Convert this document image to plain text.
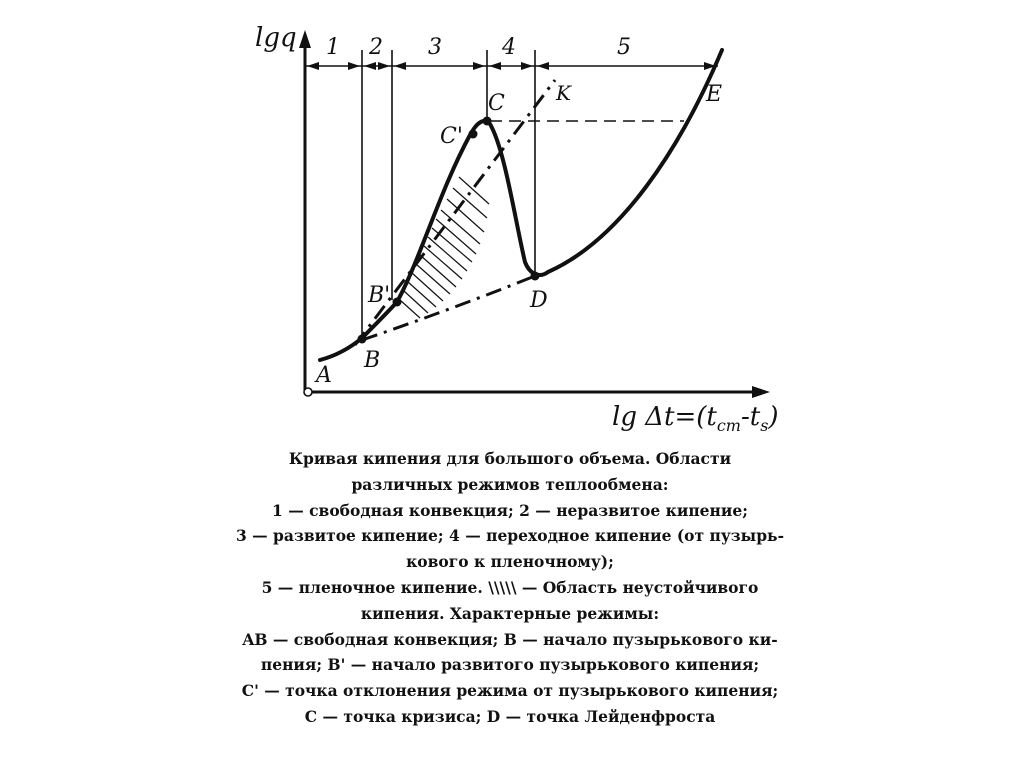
lgq
$\lg \Delta t=(t_{ст}-t_s)$
1 2 3	4	5
A
B
B'
C'
C
D
E
K
Кривая кипения для большого объема. Области
различных режимов теплообмена:
1 — свободная конвекция; 2 — неразвитое кипение;
3 — развитое кипение; 4 — переходное кипение (от пузырь-
кового к пленочному);
5 — пленочное кипение. \\\\\ — Область неустойчивого
кипения. Характерные режимы:
AB — свободная конвекция; B — начало пузырькового ки-
пения; B' — начало развитого пузырькового кипения;
C' — точка отклонения режима от пузырькового кипения;
C — точка кризиса; D — точка Лейденфроста
